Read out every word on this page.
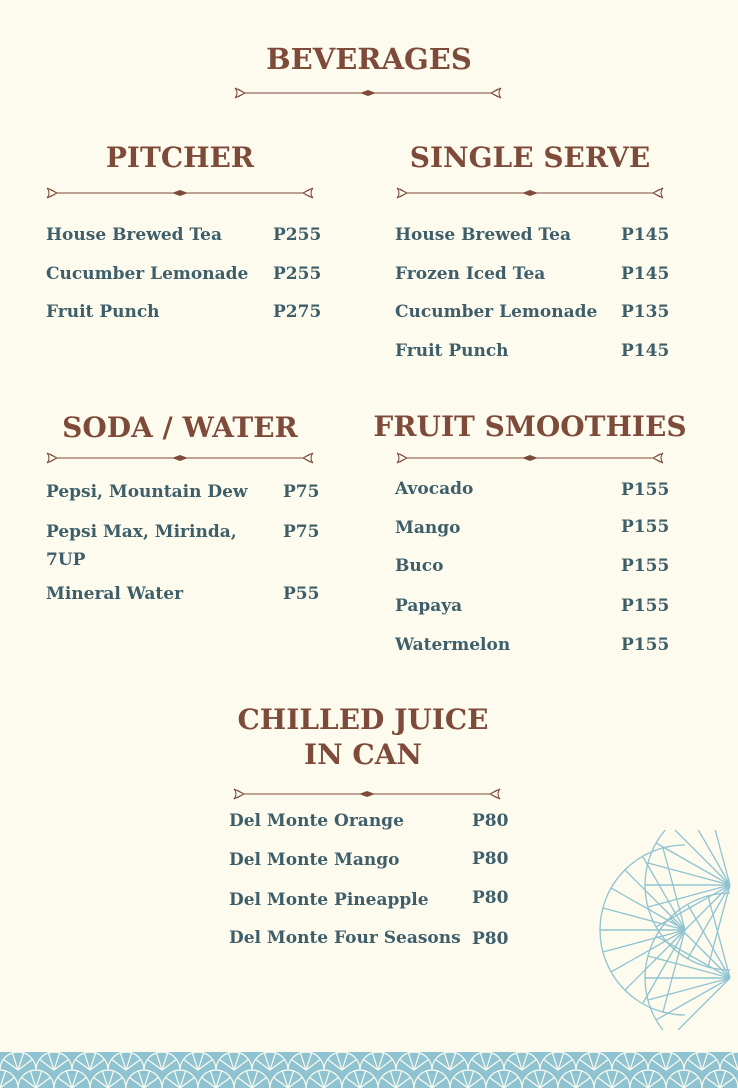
BEVERAGES
PITCHER
House Brewed Tea	P255
Cucumber Lemonade P255
Fruit Punch	P275
SINGLE SERVE
House Brewed Tea	P145
Frozen Iced Tea	P145
Cucumber Lemonade P135
Fruit Punch	P145
SODA / WATER
Pepsi, Mountain Dew P75
Pepsi Max, Mirinda,
7UP
P75
Mineral Water	P55
FRUIT SMOOTHIES
Avocado	P155
Mango	P155
Buco	P155
Papaya	P155
Watermelon	P155
CHILLED JUICE
IN CAN
Del Monte Orange	P80
Del Monte Mango	P80
Del Monte Pineapple	P80
Del Monte Four Seasons P80
